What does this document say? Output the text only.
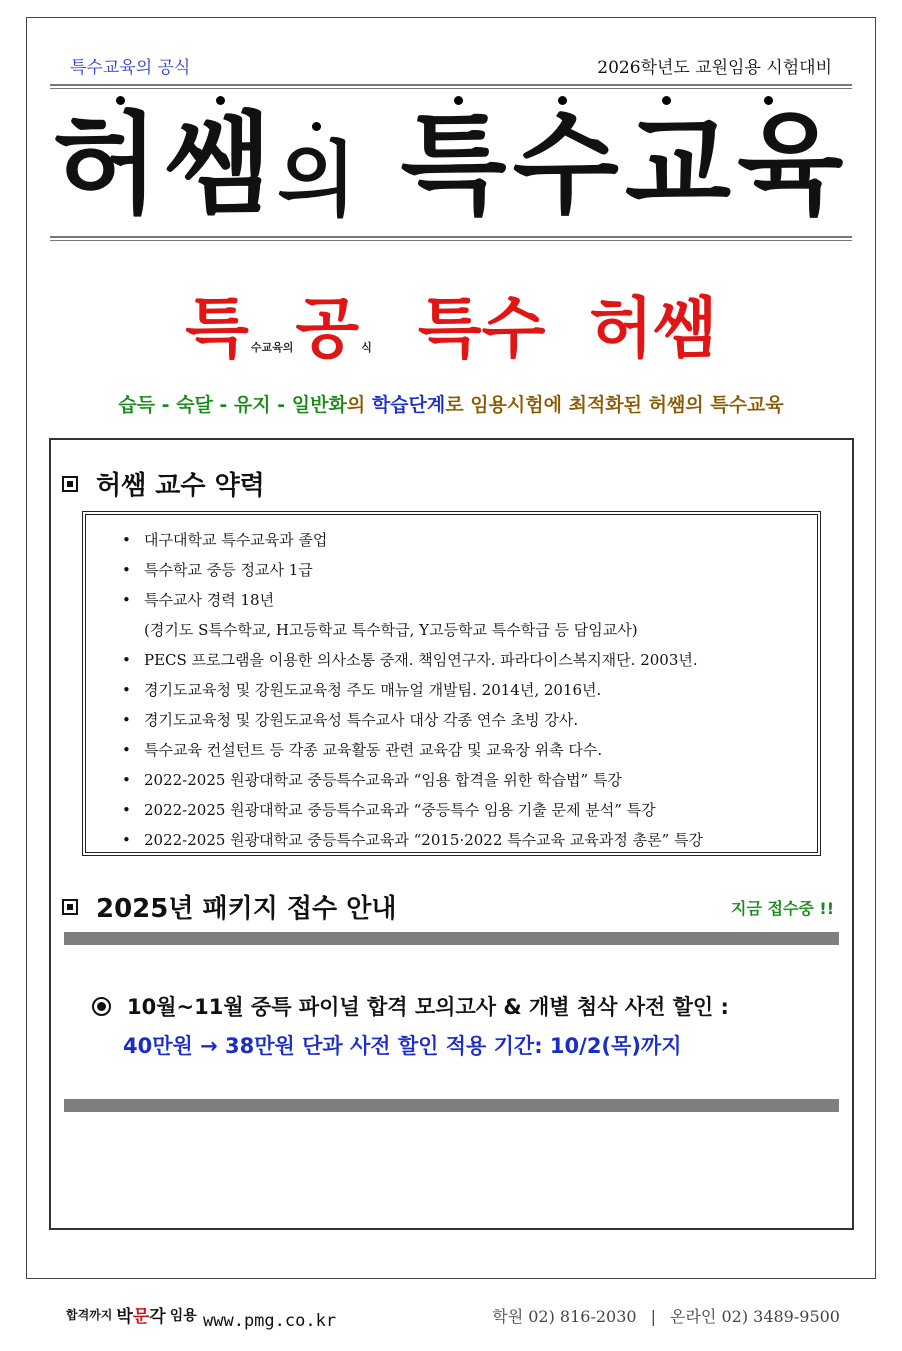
특수교육의 공식	2026학년도 교원임용 시험대비
허쌤 의 특수교육
특수교육의공 식 특수 허쌤
습득 - 숙달 - 유지 - 일반화의 학습단계로 임용시험에 최적화된 허쌤의 특수교육
허쌤 교수 약력
• 대구대학교 특수교육과 졸업
• 특수학교 중등 정교사 1급
• 특수교사 경력 18년
(경기도 S특수학교, H고등학교 특수학급, Y고등학교 특수학급 등 담임교사)
• PECS 프로그램을 이용한 의사소통 중재. 책임연구자. 파라다이스복지재단. 2003년.
• 경기도교육청 및 강원도교육청 주도 매뉴얼 개발팀. 2014년, 2016년.
• 경기도교육청 및 강원도교육성 특수교사 대상 각종 연수 초빙 강사.
• 특수교육 컨설턴트 등 각종 교육활동 관련 교육감 및 교육장 위촉 다수.
• 2022-2025 원광대학교 중등특수교육과 “임용 합격을 위한 학습법” 특강
• 2022-2025 원광대학교 중등특수교육과 “중등특수 임용 기출 문제 분석” 특강
• 2022-2025 원광대학교 중등특수교육과 “2015·2022 특수교육 교육과정 총론” 특강
2025년 패키지 접수 안내	지금 접수중 !!
10월~11월 중특 파이널 합격 모의고사 & 개별 첨삭 사전 할인 :
40만원 → 38만원 단과 사전 할인 적용 기간: 10/2(목)까지
합격까지 박문각 임용 www.pmg.co.kr	학원 02) 816-2030 | 온라인 02) 3489-9500
